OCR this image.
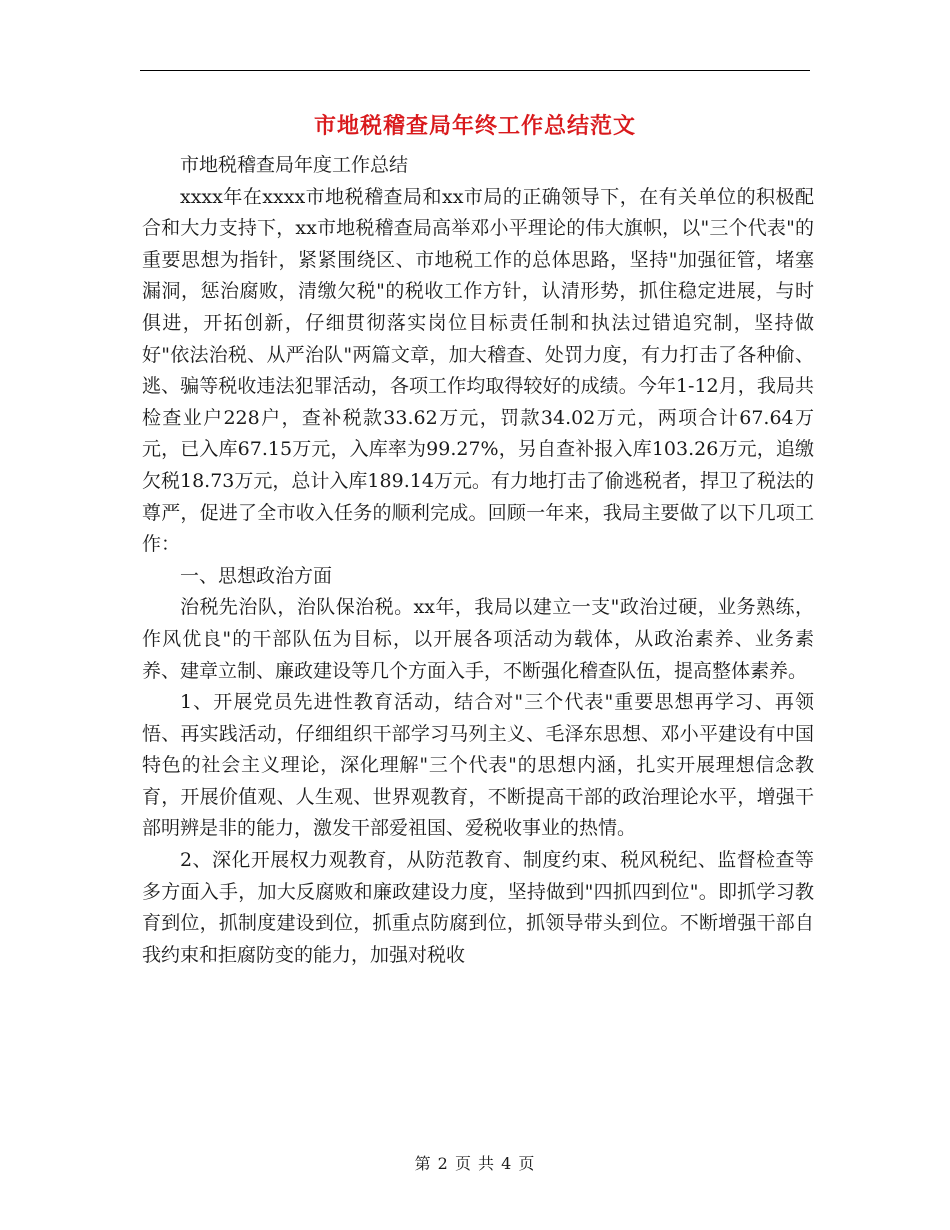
市地税稽查局年终工作总结范文

市地税稽查局年度工作总结

xxxx年在xxxx市地税稽查局和xx市局的正确领导下，在有关单位的积极配合和大力支持下，xx市地税稽查局高举邓小平理论的伟大旗帜，以"三个代表"的重要思想为指针，紧紧围绕区、市地税工作的总体思路，坚持"加强征管，堵塞漏洞，惩治腐败，清缴欠税"的税收工作方针，认清形势，抓住稳定进展，与时俱进，开拓创新，仔细贯彻落实岗位目标责任制和执法过错追究制，坚持做好"依法治税、从严治队"两篇文章，加大稽查、处罚力度，有力打击了各种偷、逃、骗等税收违法犯罪活动，各项工作均取得较好的成绩。今年1-12月，我局共检查业户228户，查补税款33.62万元，罚款34.02万元，两项合计67.64万元，已入库67.15万元，入库率为99.27%，另自查补报入库103.26万元，追缴欠税18.73万元，总计入库189.14万元。有力地打击了偷逃税者，捍卫了税法的尊严，促进了全市收入任务的顺利完成。回顾一年来，我局主要做了以下几项工作：

一、思想政治方面

治税先治队，治队保治税。xx年，我局以建立一支"政治过硬，业务熟练，作风优良"的干部队伍为目标，以开展各项活动为载体，从政治素养、业务素养、建章立制、廉政建设等几个方面入手，不断强化稽查队伍，提高整体素养。

1、开展党员先进性教育活动，结合对"三个代表"重要思想再学习、再领悟、再实践活动，仔细组织干部学习马列主义、毛泽东思想、邓小平建设有中国特色的社会主义理论，深化理解"三个代表"的思想内涵，扎实开展理想信念教育，开展价值观、人生观、世界观教育，不断提高干部的政治理论水平，增强干部明辨是非的能力，激发干部爱祖国、爱税收事业的热情。

2、深化开展权力观教育，从防范教育、制度约束、税风税纪、监督检查等多方面入手，加大反腐败和廉政建设力度，坚持做到"四抓四到位"。即抓学习教育到位，抓制度建设到位，抓重点防腐到位，抓领导带头到位。不断增强干部自我约束和拒腐防变的能力，加强对税收

第 2 页 共 4 页
